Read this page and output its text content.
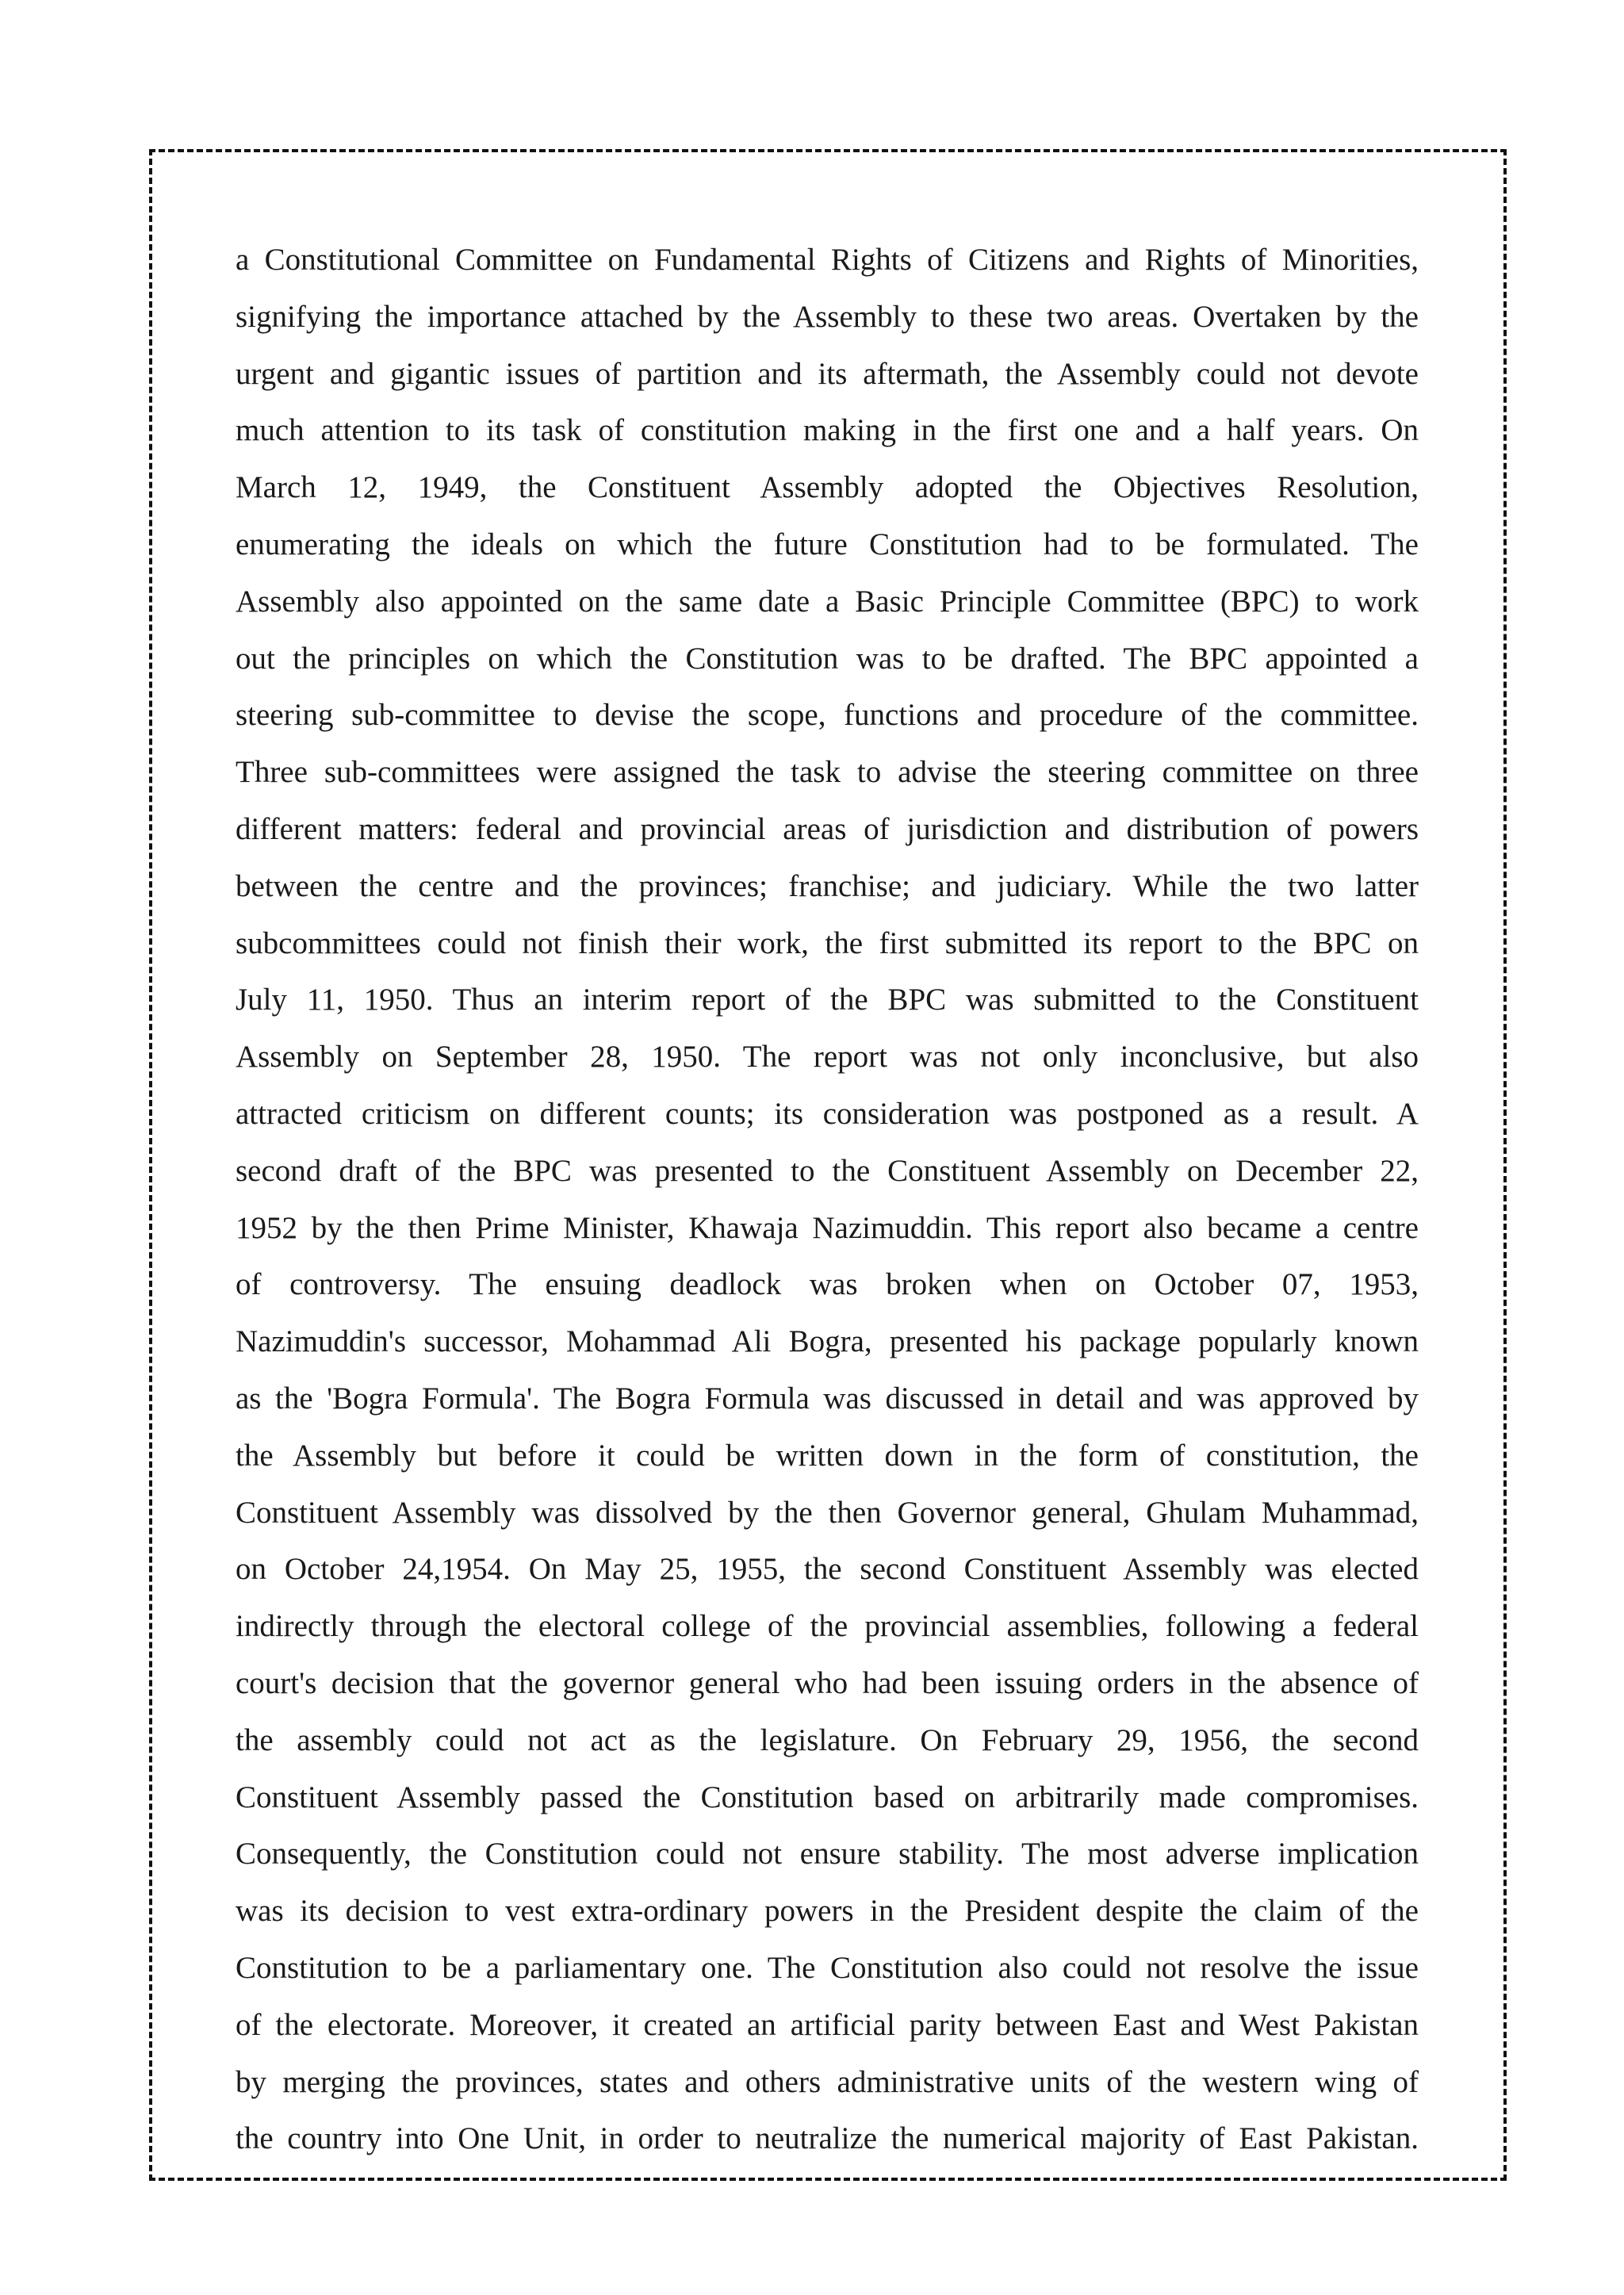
a Constitutional Committee on Fundamental Rights of Citizens and Rights of Minorities,
signifying the importance attached by the Assembly to these two areas. Overtaken by the
urgent and gigantic issues of partition and its aftermath, the Assembly could not devote
much attention to its task of constitution making in the first one and a half years. On
March 12, 1949, the Constituent Assembly adopted the Objectives Resolution,
enumerating the ideals on which the future Constitution had to be formulated. The
Assembly also appointed on the same date a Basic Principle Committee (BPC) to work
out the principles on which the Constitution was to be drafted. The BPC appointed a
steering sub-committee to devise the scope, functions and procedure of the committee.
Three sub-committees were assigned the task to advise the steering committee on three
different matters: federal and provincial areas of jurisdiction and distribution of powers
between the centre and the provinces; franchise; and judiciary. While the two latter
subcommittees could not finish their work, the first submitted its report to the BPC on
July 11, 1950. Thus an interim report of the BPC was submitted to the Constituent
Assembly on September 28, 1950. The report was not only inconclusive, but also
attracted criticism on different counts; its consideration was postponed as a result. A
second draft of the BPC was presented to the Constituent Assembly on December 22,
1952 by the then Prime Minister, Khawaja Nazimuddin. This report also became a centre
of controversy. The ensuing deadlock was broken when on October 07, 1953,
Nazimuddin's successor, Mohammad Ali Bogra, presented his package popularly known
as the 'Bogra Formula'. The Bogra Formula was discussed in detail and was approved by
the Assembly but before it could be written down in the form of constitution, the
Constituent Assembly was dissolved by the then Governor general, Ghulam Muhammad,
on October 24,1954. On May 25, 1955, the second Constituent Assembly was elected
indirectly through the electoral college of the provincial assemblies, following a federal
court's decision that the governor general who had been issuing orders in the absence of
the assembly could not act as the legislature. On February 29, 1956, the second
Constituent Assembly passed the Constitution based on arbitrarily made compromises.
Consequently, the Constitution could not ensure stability. The most adverse implication
was its decision to vest extra-ordinary powers in the President despite the claim of the
Constitution to be a parliamentary one. The Constitution also could not resolve the issue
of the electorate. Moreover, it created an artificial parity between East and West Pakistan
by merging the provinces, states and others administrative units of the western wing of
the country into One Unit, in order to neutralize the numerical majority of East Pakistan.
